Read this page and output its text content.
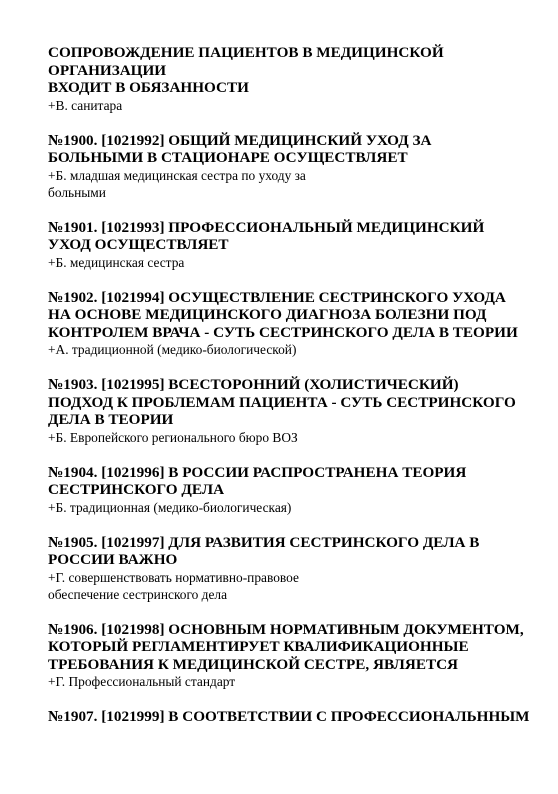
СОПРОВОЖДЕНИЕ ПАЦИЕНТОВ В МЕДИЦИНСКОЙ
ОРГАНИЗАЦИИ
ВХОДИТ В ОБЯЗАННОСТИ
+В. санитара
№1900. [1021992] ОБЩИЙ МЕДИЦИНСКИЙ УХОД ЗА
БОЛЬНЫМИ В СТАЦИОНАРЕ ОСУЩЕСТВЛЯЕТ
+Б. младшая медицинская сестра по уходу за
больными
№1901. [1021993] ПРОФЕССИОНАЛЬНЫЙ МЕДИЦИНСКИЙ
УХОД ОСУЩЕСТВЛЯЕТ
+Б. медицинская сестра
№1902. [1021994] ОСУЩЕСТВЛЕНИЕ СЕСТРИНСКОГО УХОДА
НА ОСНОВЕ МЕДИЦИНСКОГО ДИАГНОЗА БОЛЕЗНИ ПОД
КОНТРОЛЕМ ВРАЧА - СУТЬ СЕСТРИНСКОГО ДЕЛА В ТЕОРИИ
+А. традиционной (медико-биологической)
№1903. [1021995] ВСЕСТОРОННИЙ (ХОЛИСТИЧЕСКИЙ)
ПОДХОД К ПРОБЛЕМАМ ПАЦИЕНТА - СУТЬ СЕСТРИНСКОГО
ДЕЛА В ТЕОРИИ
+Б. Европейского регионального бюро ВОЗ
№1904. [1021996] В РОССИИ РАСПРОСТРАНЕНА ТЕОРИЯ
СЕСТРИНСКОГО ДЕЛА
+Б. традиционная (медико-биологическая)
№1905. [1021997] ДЛЯ РАЗВИТИЯ СЕСТРИНСКОГО ДЕЛА В
РОССИИ ВАЖНО
+Г. совершенствовать нормативно-правовое
обеспечение сестринского дела
№1906. [1021998] ОСНОВНЫМ НОРМАТИВНЫМ ДОКУМЕНТОМ,
КОТОРЫЙ РЕГЛАМЕНТИРУЕТ КВАЛИФИКАЦИОННЫЕ
ТРЕБОВАНИЯ К МЕДИЦИНСКОЙ СЕСТРЕ, ЯВЛЯЕТСЯ
+Г. Профессиональный стандарт
№1907. [1021999] В СООТВЕТСТВИИ С ПРОФЕССИОНАЛЬННЫМ
